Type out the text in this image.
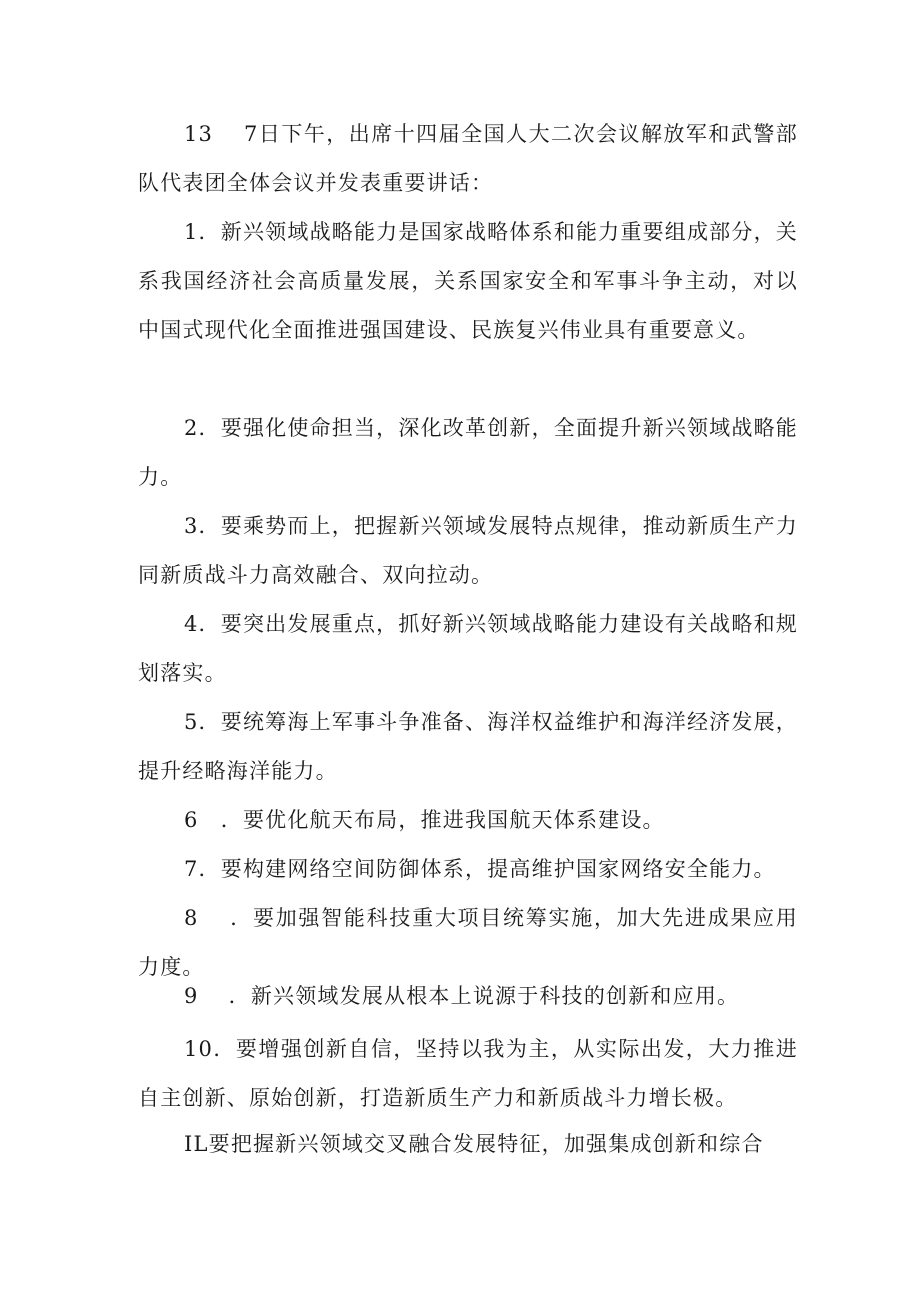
13　 7日下午，出席十四届全国人大二次会议解放军和武警部队代表团全体会议并发表重要讲话：

1．新兴领域战略能力是国家战略体系和能力重要组成部分，关系我国经济社会高质量发展，关系国家安全和军事斗争主动，对以中国式现代化全面推进强国建设、民族复兴伟业具有重要意义。

2．要强化使命担当，深化改革创新，全面提升新兴领域战略能力。

3．要乘势而上，把握新兴领域发展特点规律，推动新质生产力同新质战斗力高效融合、双向拉动。

4．要突出发展重点，抓好新兴领域战略能力建设有关战略和规划落实。

5．要统筹海上军事斗争准备、海洋权益维护和海洋经济发展，提升经略海洋能力。

6　．要优化航天布局，推进我国航天体系建设。

7．要构建网络空间防御体系，提高维护国家网络安全能力。

8　 ．要加强智能科技重大项目统筹实施，加大先进成果应用力度。

9　 ．新兴领域发展从根本上说源于科技的创新和应用。

10．要增强创新自信，坚持以我为主，从实际出发，大力推进自主创新、原始创新，打造新质生产力和新质战斗力增长极。

IL要把握新兴领域交叉融合发展特征，加强集成创新和综合
